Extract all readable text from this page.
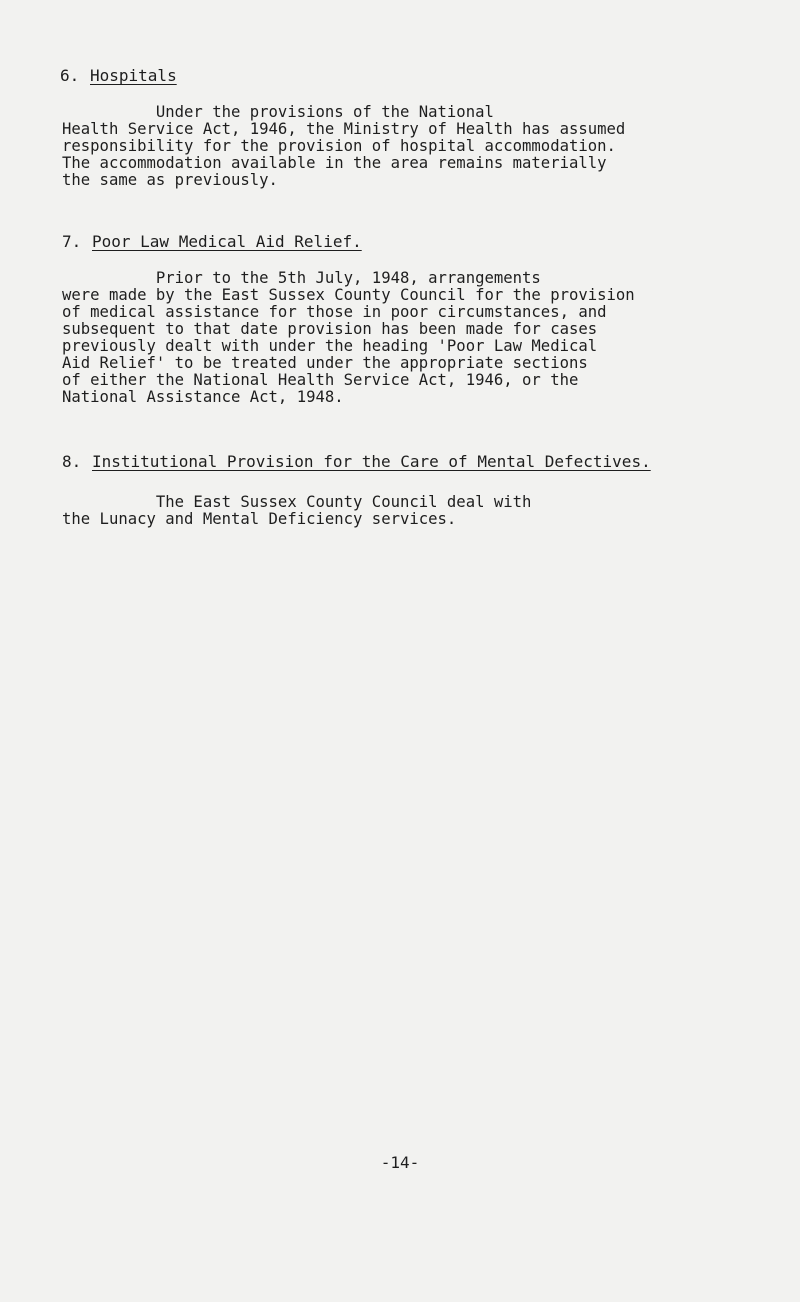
6. Hospitals
Under the provisions of the National
Health Service Act, 1946, the Ministry of Health has assumed
responsibility for the provision of hospital accommodation.
The accommodation available in the area remains materially
the same as previously.
7. Poor Law Medical Aid Relief.
Prior to the 5th July, 1948, arrangements
were made by the East Sussex County Council for the provision
of medical assistance for those in poor circumstances, and
subsequent to that date provision has been made for cases
previously dealt with under the heading 'Poor Law Medical
Aid Relief' to be treated under the appropriate sections
of either the National Health Service Act, 1946, or the
National Assistance Act, 1948.
8. Institutional Provision for the Care of Mental Defectives.
The East Sussex County Council deal with
the Lunacy and Mental Deficiency services.
-14-
